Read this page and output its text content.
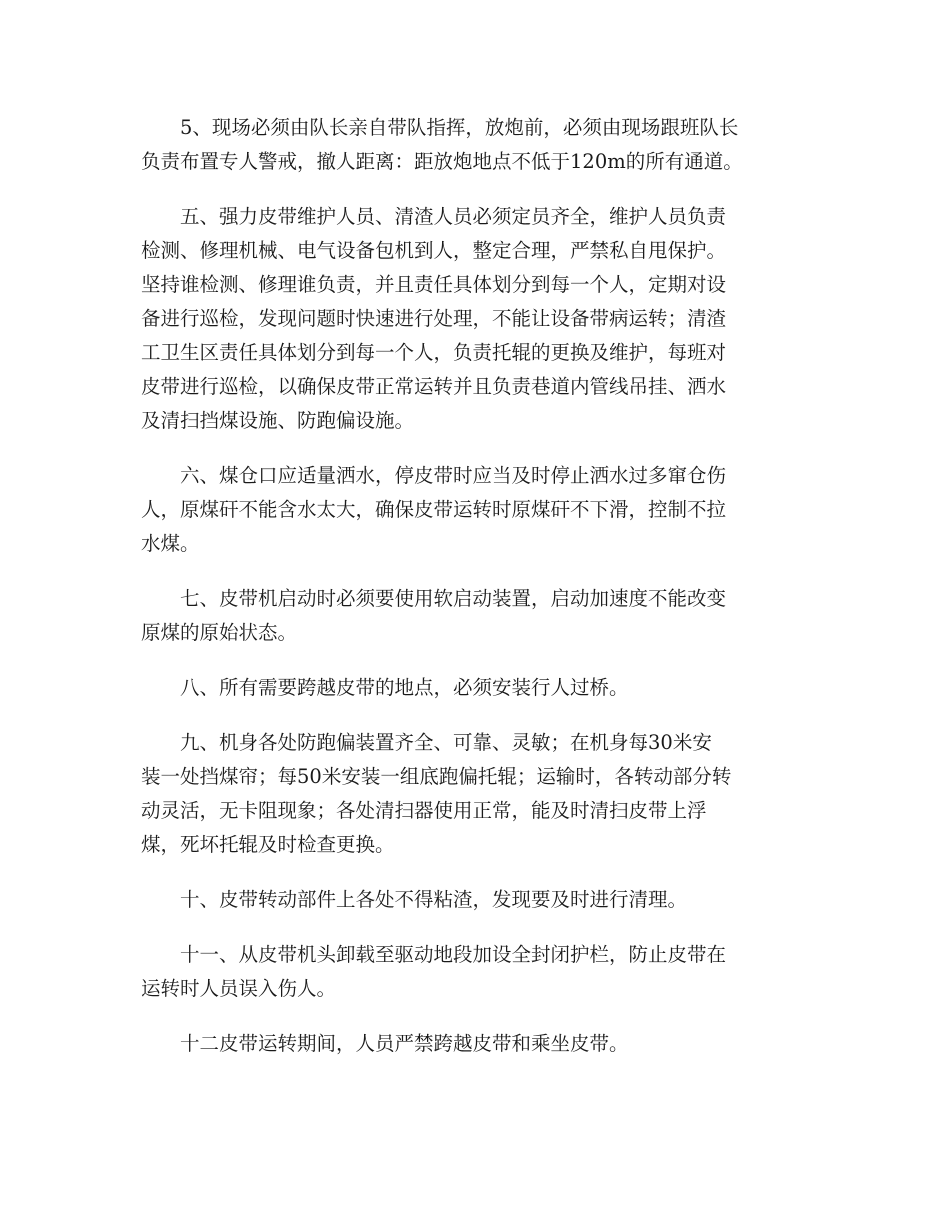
　　5、现场必须由队长亲自带队指挥，放炮前，必须由现场跟班队长
负责布置专人警戒，撤人距离：距放炮地点不低于120m的所有通道。
　　五、强力皮带维护人员、清渣人员必须定员齐全，维护人员负责
检测、修理机械、电气设备包机到人，整定合理，严禁私自甩保护。
坚持谁检测、修理谁负责，并且责任具体划分到每一个人，定期对设
备进行巡检，发现问题时快速进行处理，不能让设备带病运转；清渣
工卫生区责任具体划分到每一个人，负责托辊的更换及维护，每班对
皮带进行巡检，以确保皮带正常运转并且负责巷道内管线吊挂、洒水
及清扫挡煤设施、防跑偏设施。
　　六、煤仓口应适量洒水，停皮带时应当及时停止洒水过多窜仓伤
人，原煤矸不能含水太大，确保皮带运转时原煤矸不下滑，控制不拉
水煤。
　　七、皮带机启动时必须要使用软启动装置，启动加速度不能改变
原煤的原始状态。
　　八、所有需要跨越皮带的地点，必须安装行人过桥。
　　九、机身各处防跑偏装置齐全、可靠、灵敏；在机身每30米安
装一处挡煤帘；每50米安装一组底跑偏托辊；运输时，各转动部分转
动灵活，无卡阻现象；各处清扫器使用正常，能及时清扫皮带上浮
煤，死坏托辊及时检查更换。
　　十、皮带转动部件上各处不得粘渣，发现要及时进行清理。
　　十一、从皮带机头卸载至驱动地段加设全封闭护栏，防止皮带在
运转时人员误入伤人。
　　十二皮带运转期间，人员严禁跨越皮带和乘坐皮带。
